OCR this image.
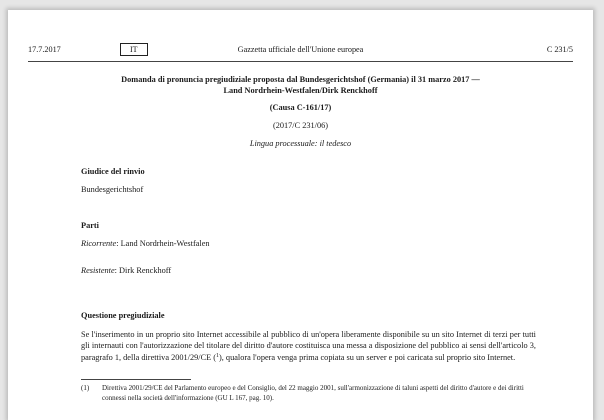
17.7.2017	IT	Gazzetta ufficiale dell'Unione europea	C 231/5
Domanda di pronuncia pregiudiziale proposta dal Bundesgerichtshof (Germania) il 31 marzo 2017 —
Land Nordrhein-Westfalen/Dirk Renckhoff
(Causa C-161/17)
(2017/C 231/06)
Lingua processuale: il tedesco
Giudice del rinvio
Bundesgerichtshof
Parti
Ricorrente: Land Nordrhein-Westfalen
Resistente: Dirk Renckhoff
Questione pregiudiziale
Se l'inserimento in un proprio sito Internet accessibile al pubblico di un'opera liberamente disponibile su un sito Internet di terzi per tutti gli internauti con l'autorizzazione del titolare del diritto d'autore costituisca una messa a disposizione del pubblico ai sensi dell'articolo 3, paragrafo 1, della direttiva 2001/29/CE ($^1$), qualora l'opera venga prima copiata su un server e poi caricata sul proprio sito Internet.
(1) Direttiva 2001/29/CE del Parlamento europeo e del Consiglio, del 22 maggio 2001, sull'armonizzazione di taluni aspetti del diritto d'autore e dei diritti connessi nella società dell'informazione (GU L 167, pag. 10).
